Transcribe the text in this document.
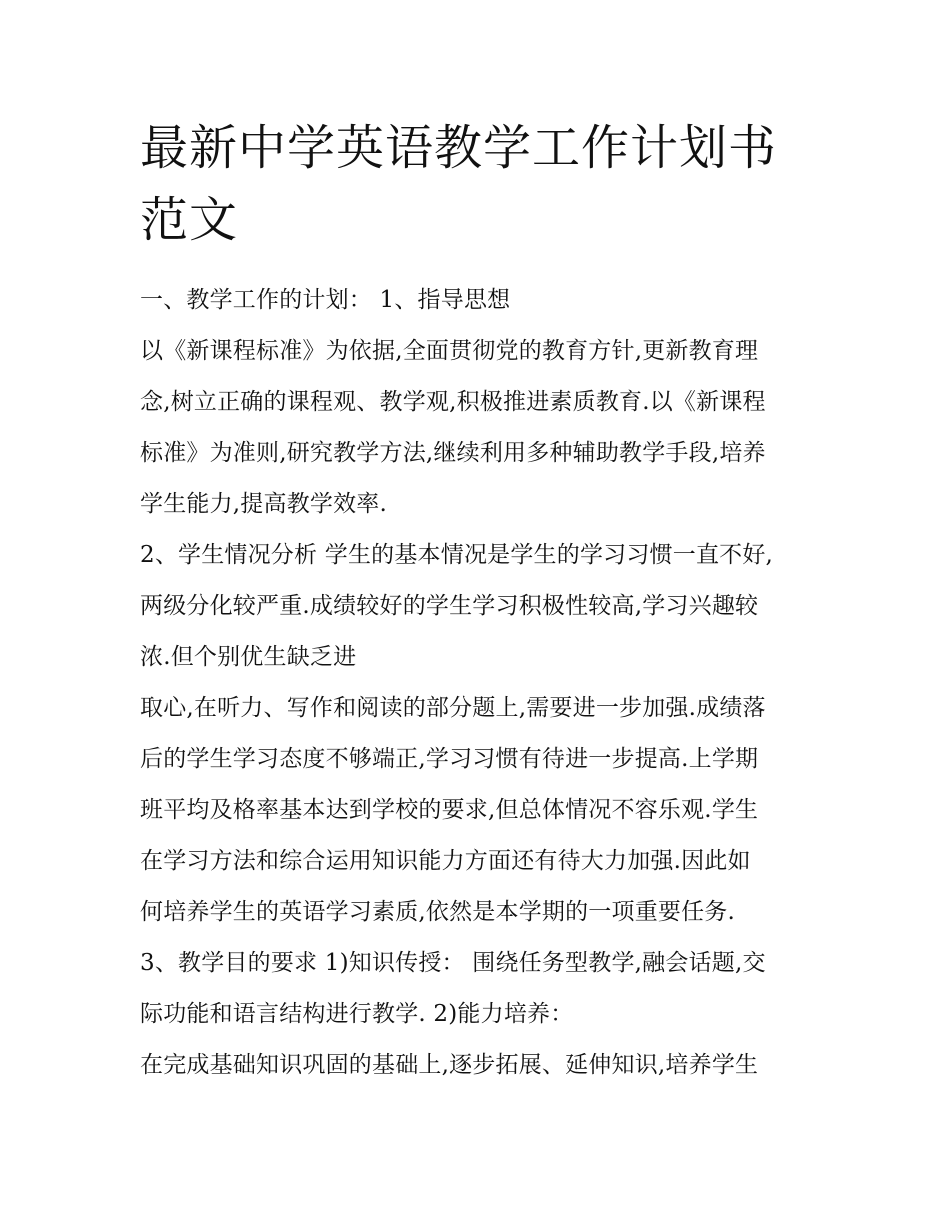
最新中学英语教学工作计划书
范文
一、教学工作的计划： 1、指导思想
以《新课程标准》为依据,全面贯彻党的教育方针,更新教育理
念,树立正确的课程观、教学观,积极推进素质教育.以《新课程
标准》为准则,研究教学方法,继续利用多种辅助教学手段,培养
学生能力,提高教学效率.
2、学生情况分析 学生的基本情况是学生的学习习惯一直不好,
两级分化较严重.成绩较好的学生学习积极性较高,学习兴趣较
浓.但个别优生缺乏进
取心,在听力、写作和阅读的部分题上,需要进一步加强.成绩落
后的学生学习态度不够端正,学习习惯有待进一步提高.上学期
班平均及格率基本达到学校的要求,但总体情况不容乐观.学生
在学习方法和综合运用知识能力方面还有待大力加强.因此如
何培养学生的英语学习素质,依然是本学期的一项重要任务.
3、教学目的要求 1)知识传授： 围绕任务型教学,融会话题,交
际功能和语言结构进行教学. 2)能力培养：
在完成基础知识巩固的基础上,逐步拓展、延伸知识,培养学生
